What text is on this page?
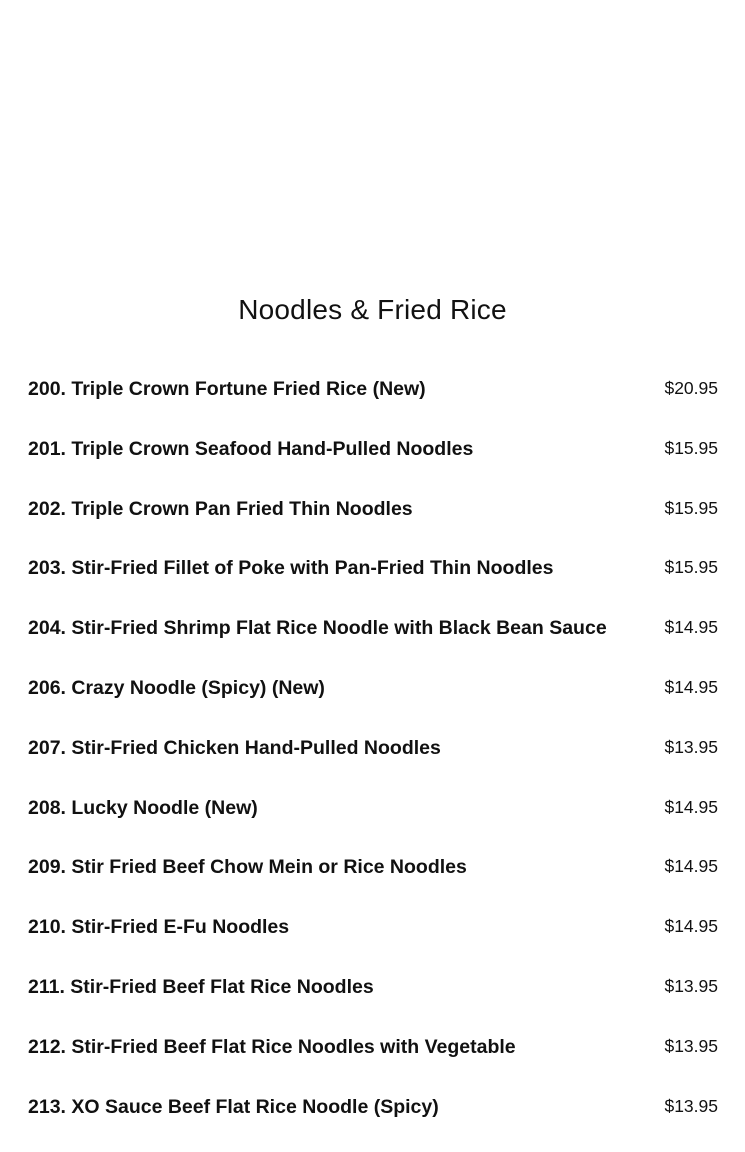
Noodles & Fried Rice
200. Triple Crown Fortune Fried Rice (New)	$20.95
201. Triple Crown Seafood Hand-Pulled Noodles	$15.95
202. Triple Crown Pan Fried Thin Noodles	$15.95
203. Stir-Fried Fillet of Poke with Pan-Fried Thin Noodles	$15.95
204. Stir-Fried Shrimp Flat Rice Noodle with Black Bean Sauce	$14.95
206. Crazy Noodle (Spicy) (New)	$14.95
207. Stir-Fried Chicken Hand-Pulled Noodles	$13.95
208. Lucky Noodle (New)	$14.95
209. Stir Fried Beef Chow Mein or Rice Noodles	$14.95
210. Stir-Fried E-Fu Noodles	$14.95
211. Stir-Fried Beef Flat Rice Noodles	$13.95
212. Stir-Fried Beef Flat Rice Noodles with Vegetable	$13.95
213. XO Sauce Beef Flat Rice Noodle (Spicy)	$13.95
